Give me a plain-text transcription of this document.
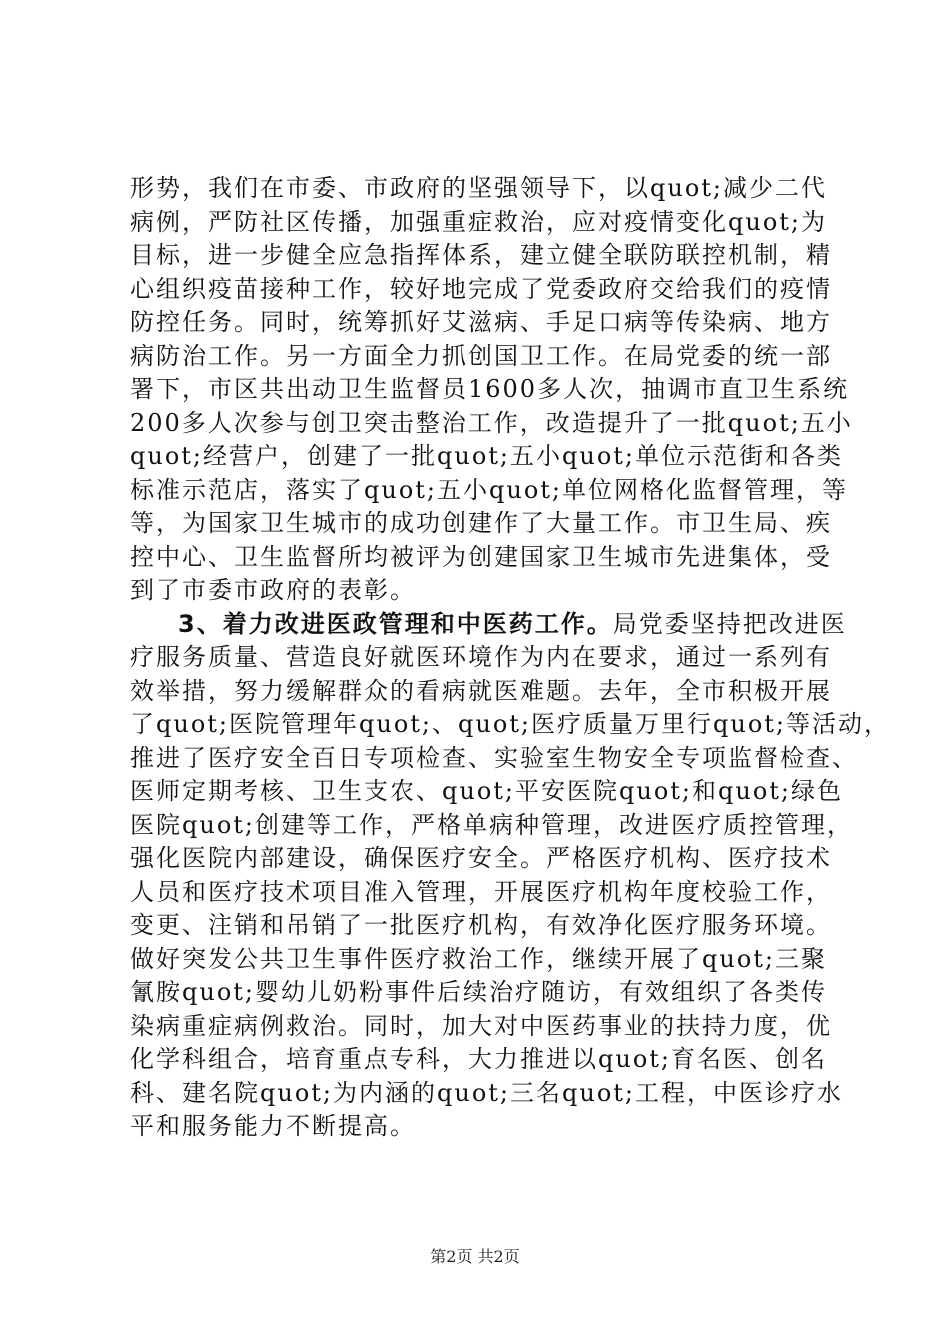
形势，我们在市委、市政府的坚强领导下，以quot;减少二代
病例，严防社区传播，加强重症救治，应对疫情变化quot;为
目标，进一步健全应急指挥体系，建立健全联防联控机制，精
心组织疫苗接种工作，较好地完成了党委政府交给我们的疫情
防控任务。同时，统筹抓好艾滋病、手足口病等传染病、地方
病防治工作。另一方面全力抓创国卫工作。在局党委的统一部
署下，市区共出动卫生监督员1600多人次，抽调市直卫生系统
200多人次参与创卫突击整治工作，改造提升了一批quot;五小
quot;经营户，创建了一批quot;五小quot;单位示范街和各类
标准示范店，落实了quot;五小quot;单位网格化监督管理，等
等，为国家卫生城市的成功创建作了大量工作。市卫生局、疾
控中心、卫生监督所均被评为创建国家卫生城市先进集体，受
到了市委市政府的表彰。
3、着力改进医政管理和中医药工作。局党委坚持把改进医
疗服务质量、营造良好就医环境作为内在要求，通过一系列有
效举措，努力缓解群众的看病就医难题。去年，全市积极开展
了quot;医院管理年quot;、quot;医疗质量万里行quot;等活动，
推进了医疗安全百日专项检查、实验室生物安全专项监督检查、
医师定期考核、卫生支农、quot;平安医院quot;和quot;绿色
医院quot;创建等工作，严格单病种管理，改进医疗质控管理，
强化医院内部建设，确保医疗安全。严格医疗机构、医疗技术
人员和医疗技术项目准入管理，开展医疗机构年度校验工作，
变更、注销和吊销了一批医疗机构，有效净化医疗服务环境。
做好突发公共卫生事件医疗救治工作，继续开展了quot;三聚
氰胺quot;婴幼儿奶粉事件后续治疗随访，有效组织了各类传
染病重症病例救治。同时，加大对中医药事业的扶持力度，优
化学科组合，培育重点专科，大力推进以quot;育名医、创名
科、建名院quot;为内涵的quot;三名quot;工程，中医诊疗水
平和服务能力不断提高。
第2页 共2页
